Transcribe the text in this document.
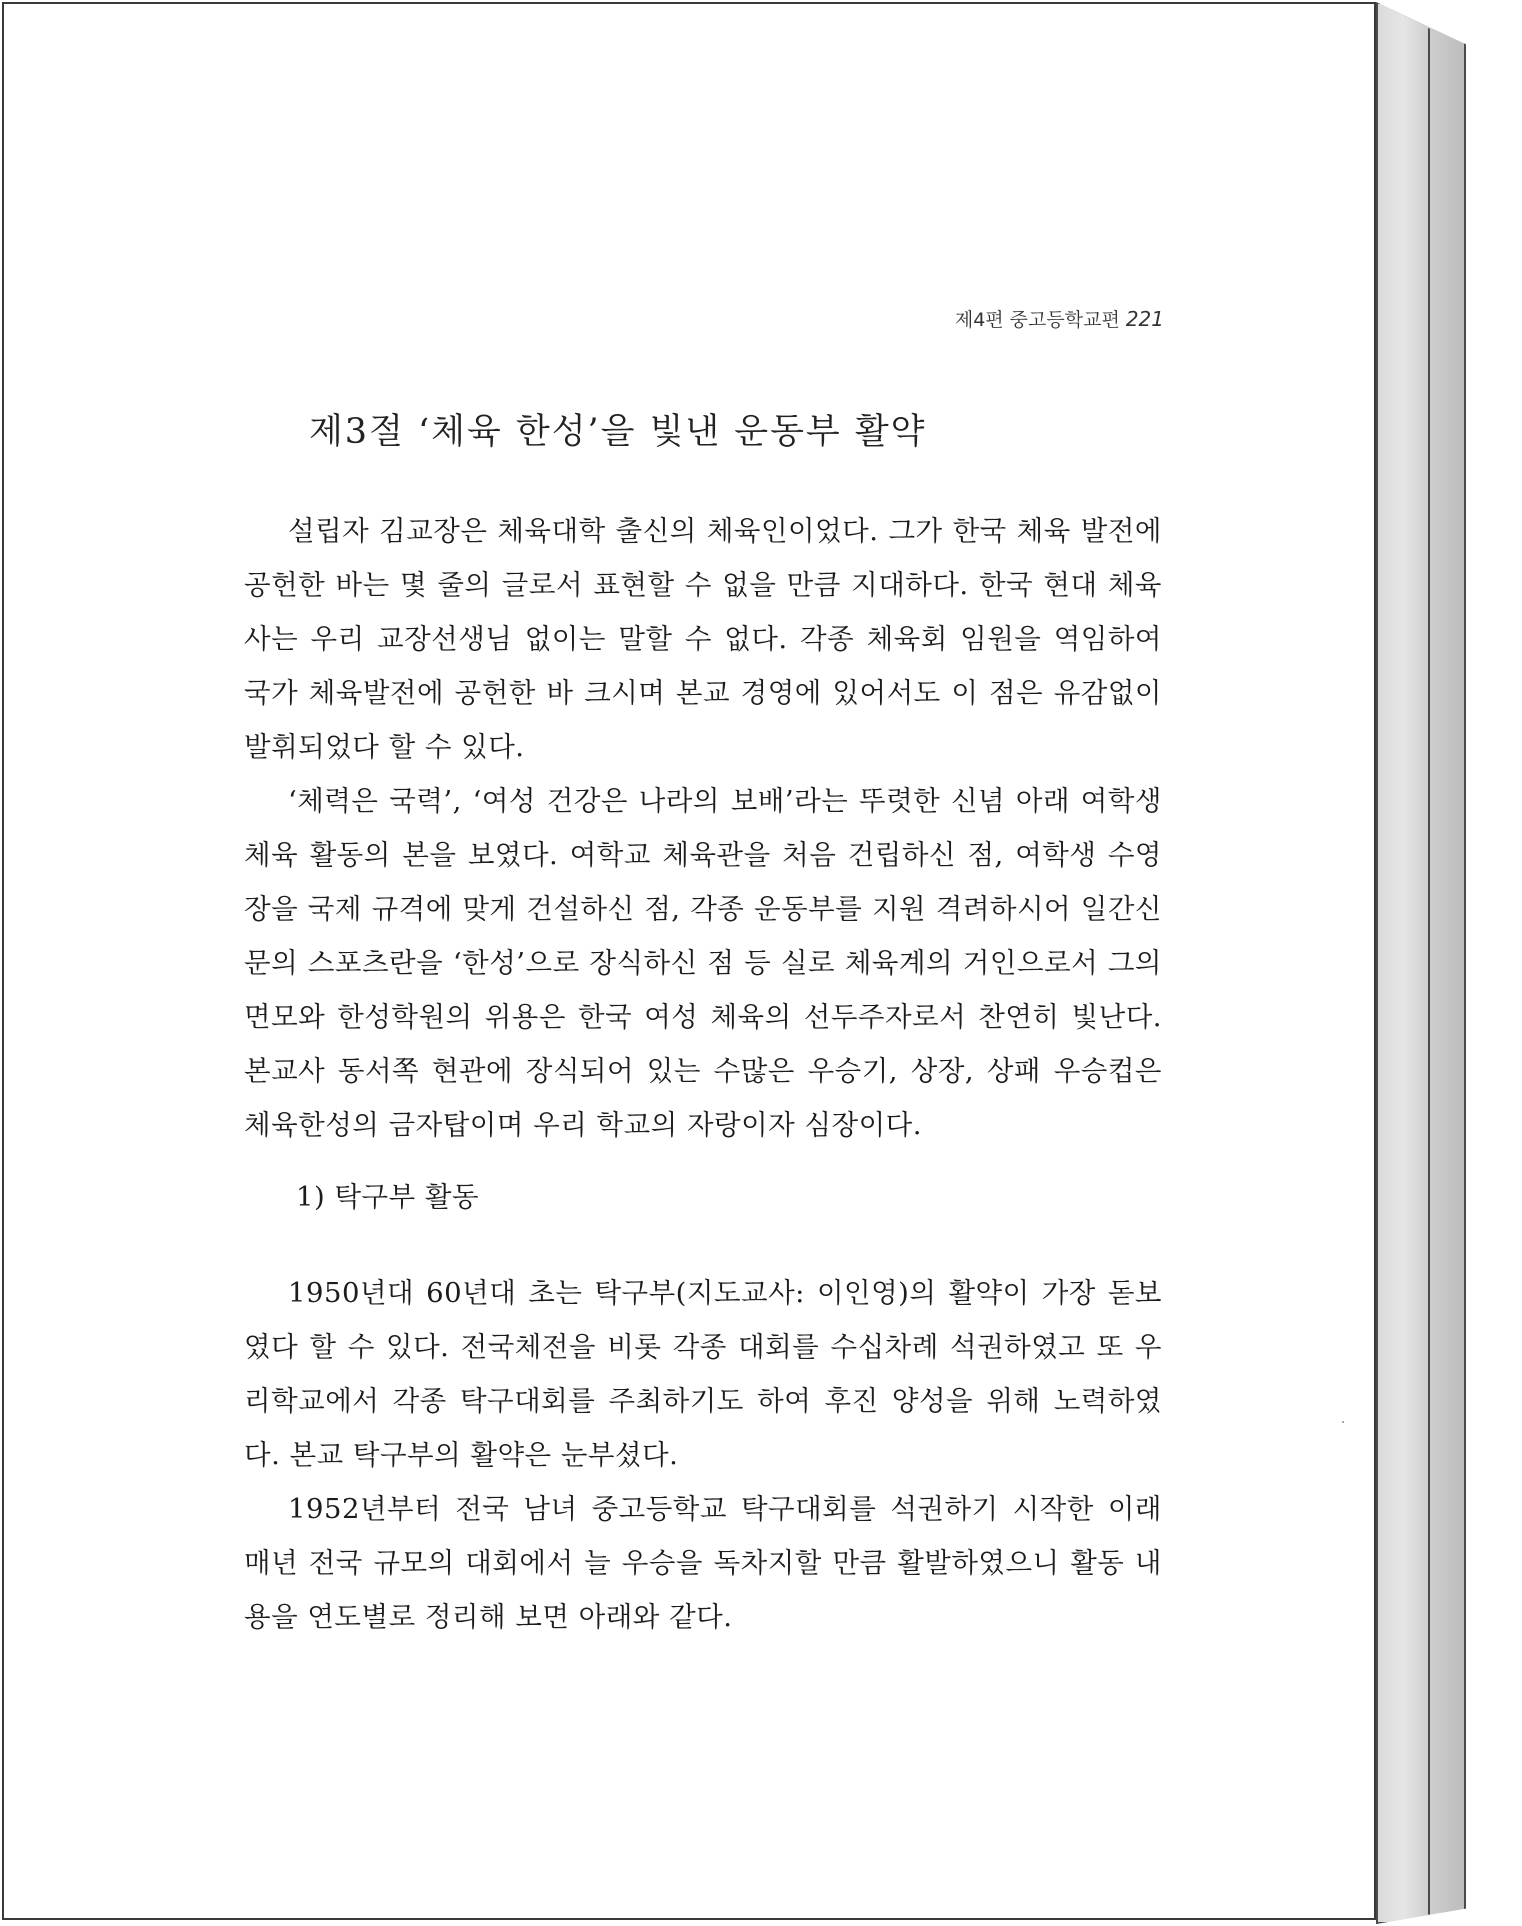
제4편 중고등학교편 221
제3절 ‘체육 한성’을 빛낸 운동부 활약

설립자 김교장은 체육대학 출신의 체육인이었다. 그가 한국 체육 발전에 공헌한 바는 몇 줄의 글로서 표현할 수 없을 만큼 지대하다. 한국 현대 체육사는 우리 교장선생님 없이는 말할 수 없다. 각종 체육회 임원을 역임하여 국가 체육발전에 공헌한 바 크시며 본교 경영에 있어서도 이 점은 유감없이 발휘되었다 할 수 있다.

‘체력은 국력’, ‘여성 건강은 나라의 보배’라는 뚜렷한 신념 아래 여학생 체육 활동의 본을 보였다. 여학교 체육관을 처음 건립하신 점, 여학생 수영장을 국제 규격에 맞게 건설하신 점, 각종 운동부를 지원 격려하시어 일간신문의 스포츠란을 ‘한성’으로 장식하신 점 등 실로 체육계의 거인으로서 그의 면모와 한성학원의 위용은 한국 여성 체육의 선두주자로서 찬연히 빛난다. 본교사 동서쪽 현관에 장식되어 있는 수많은 우승기, 상장, 상패 우승컵은 체육한성의 금자탑이며 우리 학교의 자랑이자 심장이다.

1) 탁구부 활동

1950년대 60년대 초는 탁구부(지도교사: 이인영)의 활약이 가장 돋보였다 할 수 있다. 전국체전을 비롯 각종 대회를 수십차례 석권하였고 또 우리학교에서 각종 탁구대회를 주최하기도 하여 후진 양성을 위해 노력하였다. 본교 탁구부의 활약은 눈부셨다.

1952년부터 전국 남녀 중고등학교 탁구대회를 석권하기 시작한 이래 매년 전국 규모의 대회에서 늘 우승을 독차지할 만큼 활발하였으니 활동 내용을 연도별로 정리해 보면 아래와 같다.
